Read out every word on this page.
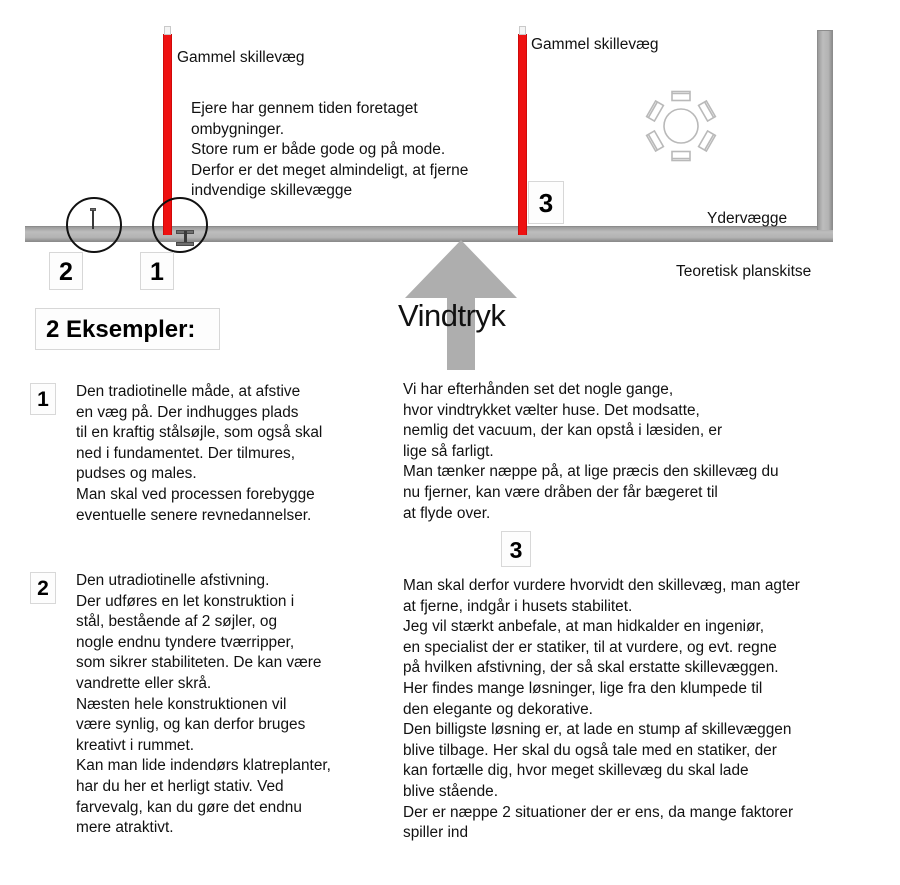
2	1
3
Gammel skillevæg
Gammel skillevæg
Ydervægge
Teoretisk planskitse
Ejere har gennem tiden foretaget
ombygninger.
Store rum er både gode og på mode.
Derfor er det meget almindeligt, at fjerne
indvendige skillevægge
2 Eksempler:	Vindtryk
1	Den tradiotinelle måde, at afstive
en væg på. Der indhugges plads
til en kraftig stålsøjle, som også skal
ned i fundamentet. Der tilmures,
pudses og males.
Man skal ved processen forebygge
eventuelle senere revnedannelser.
2	Den utradiotinelle afstivning.
Der udføres en let konstruktion i
stål, bestående af 2 søjler, og
nogle endnu tyndere tværripper,
som sikrer stabiliteten. De kan være
vandrette eller skrå.
Næsten hele konstruktionen vil
være synlig, og kan derfor bruges
kreativt i rummet.
Kan man lide indendørs klatreplanter,
har du her et herligt stativ. Ved
farvevalg, kan du gøre det endnu
mere atraktivt.
Vi har efterhånden set det nogle gange,
hvor vindtrykket vælter huse. Det modsatte,
nemlig det vacuum, der kan opstå i læsiden, er
lige så farligt.
Man tænker næppe på, at lige præcis den skillevæg du
nu fjerner, kan være dråben der får bægeret til
at flyde over.
3
Man skal derfor vurdere hvorvidt den skillevæg, man agter
at fjerne, indgår i husets stabilitet.
Jeg vil stærkt anbefale, at man hidkalder en ingeniør,
en specialist der er statiker, til at vurdere, og evt. regne
på hvilken afstivning, der så skal erstatte skillevæggen.
Her findes mange løsninger, lige fra den klumpede til
den elegante og dekorative.
Den billigste løsning er, at lade en stump af skillevæggen
blive tilbage. Her skal du også tale med en statiker, der
kan fortælle dig, hvor meget skillevæg du skal lade
blive stående.
Der er næppe 2 situationer der er ens, da mange faktorer
spiller ind
